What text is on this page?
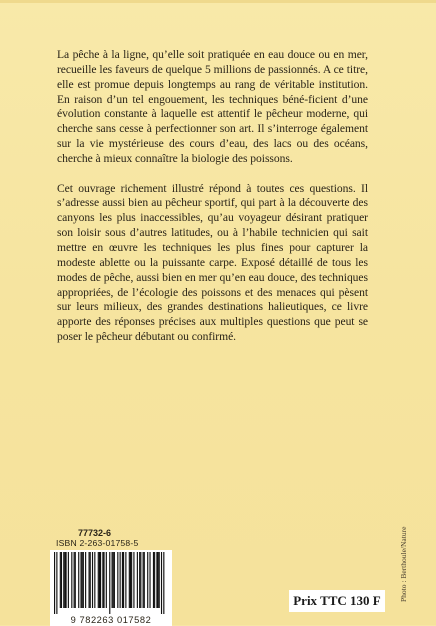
La pêche à la ligne, qu’elle soit pratiquée en eau douce ou en mer, recueille les faveurs de quelque 5 millions de passionnés. A ce titre, elle est promue depuis longtemps au rang de véritable institution. En raison d’un tel engouement, les techniques béné-ficient d’une évolution constante à laquelle est attentif le pêcheur moderne, qui cherche sans cesse à perfectionner son art. Il s’interroge également sur la vie mystérieuse des cours d’eau, des lacs ou des océans, cherche à mieux connaître la biologie des poissons.

Cet ouvrage richement illustré répond à toutes ces questions. Il s’adresse aussi bien au pêcheur sportif, qui part à la découverte des canyons les plus inaccessibles, qu’au voyageur désirant pratiquer son loisir sous d’autres latitudes, ou à l’habile technicien qui sait mettre en œuvre les techniques les plus fines pour capturer la modeste ablette ou la puissante carpe. Exposé détaillé de tous les modes de pêche, aussi bien en mer qu’en eau douce, des techniques appropriées, de l’écologie des poissons et des menaces qui pèsent sur leurs milieux, des grandes destinations halieutiques, ce livre apporte des réponses précises aux multiples questions que peut se poser le pêcheur débutant ou confirmé.

77732-6
ISBN 2-263-01758-5
9 782263 017582
Prix TTC 130 F	Photo : Berthoule/Nature
